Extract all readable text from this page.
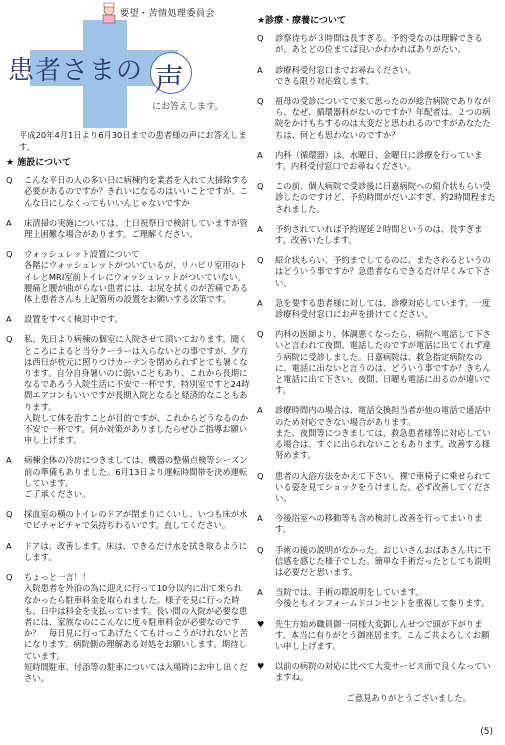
要望・苦情処理委員会
患者さまの 声
にお答えします。
平成20年4月1日より6月30日までの患者様の声にお答えします。
★ 施設について
Q	こんな平日の人の多い日に病棟内を業者を入れて大掃除する必要があるのですか？きれいになるのはいいことですが、こんな日にしなくってもいいんじゃないですか
A	床清掃の実施については、土日祝祭日で検討していますが管理上困難な場合があります。ご理解ください。
Q	ウォッシュレット設置について
各階にウォッシュレットがついているが、リハビリ室用のトイレとMRI室前トイレにウォッシュレットがついていない。腰痛と腰が曲がらない患者には、お尻を拭くのが苦痛である体上患者さんも上記箇所の設置をお願いする次第です。
A	設置をすべく検討中です。
Q	私、先日より病棟の個室に入院させて頂いております。聞くところによると当分クーラーは入らないとの事ですが、夕方は西日が枕元に照りつけカーテンを閉められずとても暑くなります。自分自身暑いのに弱いこともあり、これから長期になるであろう入院生活に不安で一杯です。特別室ですと24時間エアコンもいいですが長期入院となると経済的なこともあります。
入院して体を治すことが目的ですが、これからどうなるのか不安で一杯です。何か対策がありましたらぜひご指導お願い申し上げます。
A	病棟全体の冷房につきましては、機器の整備点検等シーズン前の準備もありました。6月13日より運転時間帯を決め運転しています。
ご了承ください。
Q	採血室の横のトイレのドアが閉まりにくいし、いつも床が水でビチャビチャで気持ちわるいです。直してください。
A	ドアは、改善します。床は、できるだけ水を拭き取るようにします。
Q	ちょっと一言！！
入院患者を外泊の為に迎えに行って10分以内に出て来られなかったら駐車料金を取られました。様子を見に行った時も、日中は料金を支払っています。長い間の入院が必要な患者には、家族なのにこんなに度々駐車料金が必要なのですか？　毎日見に行ってあげたくてもけっこうがけれないと苦になります。病院側の理解ある対処をお願いします。期待しています。
短時間駐車、付添等の駐車については入場時にお申し出ください。
★診療・療養について
Q	診察待ちが３時間は長すぎる。予約受なのは理解できるが、あとどの位まてば良いかわかればありがたい。
A	診療科受付窓口までお尋ねください。
できる限り対応致します。
Q	祖母の受診についてで来て思ったのが総合病院でありながら、なぜ、循環器科がないのですか？年配者は、２つの病院をかけもちするのは大変だと思われるのですがあなたたちは、何とも思わないのですか？
A	内科（循環器）は、水曜日、金曜日に診療を行っています。内科受付窓口でお尋ねください。
Q	この前、個人病院で受診後に日嘉病院への紹介状もらい受診したのですけど、予約時間がだいぶすぎ、約2時間程またされました。
A	予約されていれば予約遅延２時間というのは、長すぎます。改善いたします。
Q	紹介状もらい、予約までしてるのに、またされるというのはどういう事ですか？急患者ならできるだけ早くみて下さい。
A	急を要する患者様に対しては、診療対応しています。一度診療科受付窓口にお声を掛けてください。
Q	内科の医師より、体調悪くなったら、病院へ電話して下さいと言われて夜間、電話したのですが電話に出てくれず違う病院に受診しました。日嘉病院は、救急指定病院なのに、電話に出ないと言うのは、どういう事ですか？きちんと電話に出て下さい。夜間、日曜も電話に出るのが違いです。
A	診療時間内の場合は、電話交換担当者が他の電話で通話中のため対応できない場合があります。
また、夜間等につきましては、救急患者様等に対応している場合は、すぐに出られないこともあります。改善する様努めます。
Q	患者の入浴方法をかえて下さい。裸で車椅子に乗せられている姿を見てショックをうけました。必ず改善してください。
A	今後浴室への移動等も含め検討し改善を行ってまいります。
Q	手術の後の説明がなかった。おじいさんおばあさん共に不信感を感じた様子でした。簡単な手術だったとしても説明は必要だと思います。
A	当院では、手術の際説明をしています。
今後ともインフォームドコンセントを重視して参ります。
♥	先生方始め職員御一同様大変御しんせつで頭が下がります。本当に有りがとう御座居ます。こんご共よろしくお願い申し上げます。
♥	以前の病院の対応に比べて大変サービス面で良くなっていますね。
ご意見ありがとうございました。
(5)
